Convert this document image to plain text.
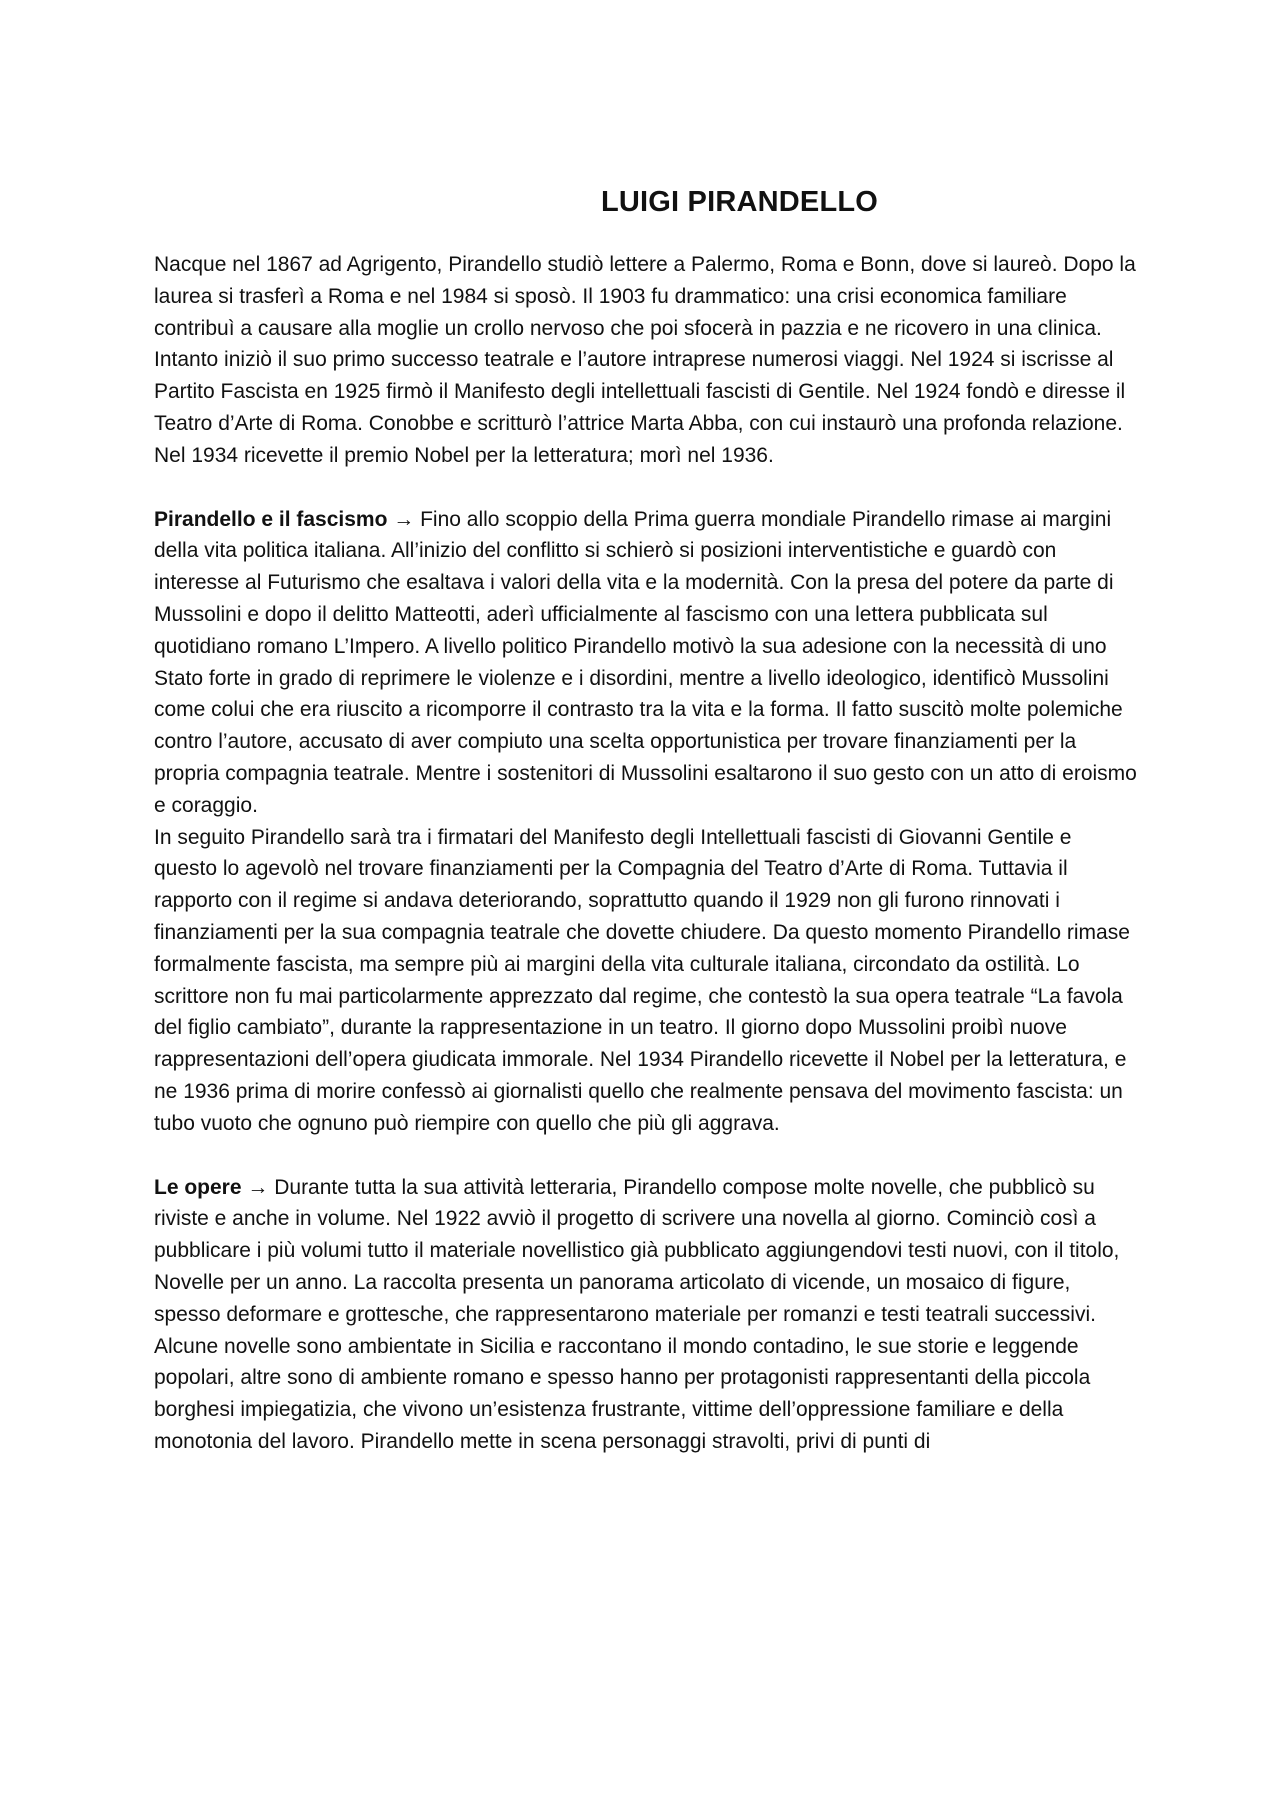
LUIGI PIRANDELLO

Nacque nel 1867 ad Agrigento, Pirandello studiò lettere a Palermo, Roma e Bonn, dove si laureò. Dopo la laurea si trasferì a Roma e nel 1984 si sposò. Il 1903 fu drammatico: una crisi economica familiare contribuì a causare alla moglie un crollo nervoso che poi sfocerà in pazzia e ne ricovero in una clinica. Intanto iniziò il suo primo successo teatrale e l’autore intraprese numerosi viaggi. Nel 1924 si iscrisse al Partito Fascista en 1925 firmò il Manifesto degli intellettuali fascisti di Gentile. Nel 1924 fondò e diresse il Teatro d’Arte di Roma. Conobbe e scritturò l’attrice Marta Abba, con cui instaurò una profonda relazione. Nel 1934 ricevette il premio Nobel per la letteratura; morì nel 1936.

Pirandello e il fascismo → Fino allo scoppio della Prima guerra mondiale Pirandello rimase ai margini della vita politica italiana. All’inizio del conflitto si schierò si posizioni interventistiche e guardò con interesse al Futurismo che esaltava i valori della vita e la modernità. Con la presa del potere da parte di Mussolini e dopo il delitto Matteotti, aderì ufficialmente al fascismo con una lettera pubblicata sul quotidiano romano L’Impero. A livello politico Pirandello motivò la sua adesione con la necessità di uno Stato forte in grado di reprimere le violenze e i disordini, mentre a livello ideologico, identificò Mussolini come colui che era riuscito a ricomporre il contrasto tra la vita e la forma. Il fatto suscitò molte polemiche contro l’autore, accusato di aver compiuto una scelta opportunistica per trovare finanziamenti per la propria compagnia teatrale. Mentre i sostenitori di Mussolini esaltarono il suo gesto con un atto di eroismo e coraggio.

In seguito Pirandello sarà tra i firmatari del Manifesto degli Intellettuali fascisti di Giovanni Gentile e questo lo agevolò nel trovare finanziamenti per la Compagnia del Teatro d’Arte di Roma. Tuttavia il rapporto con il regime si andava deteriorando, soprattutto quando il 1929 non gli furono rinnovati i finanziamenti per la sua compagnia teatrale che dovette chiudere. Da questo momento Pirandello rimase formalmente fascista, ma sempre più ai margini della vita culturale italiana, circondato da ostilità. Lo scrittore non fu mai particolarmente apprezzato dal regime, che contestò la sua opera teatrale “La favola del figlio cambiato”, durante la rappresentazione in un teatro. Il giorno dopo Mussolini proibì nuove rappresentazioni dell’opera giudicata immorale. Nel 1934 Pirandello ricevette il Nobel per la letteratura, e ne 1936 prima di morire confessò ai giornalisti quello che realmente pensava del movimento fascista: un tubo vuoto che ognuno può riempire con quello che più gli aggrava.

Le opere → Durante tutta la sua attività letteraria, Pirandello compose molte novelle, che pubblicò su riviste e anche in volume. Nel 1922 avviò il progetto di scrivere una novella al giorno. Cominciò così a pubblicare i più volumi tutto il materiale novellistico già pubblicato aggiungendovi testi nuovi, con il titolo, Novelle per un anno. La raccolta presenta un panorama articolato di vicende, un mosaico di figure, spesso deformare e grottesche, che rappresentarono materiale per romanzi e testi teatrali successivi. Alcune novelle sono ambientate in Sicilia e raccontano il mondo contadino, le sue storie e leggende popolari, altre sono di ambiente romano e spesso hanno per protagonisti rappresentanti della piccola borghesi impiegatizia, che vivono un’esistenza frustrante, vittime dell’oppressione familiare e della monotonia del lavoro. Pirandello mette in scena personaggi stravolti, privi di punti di
